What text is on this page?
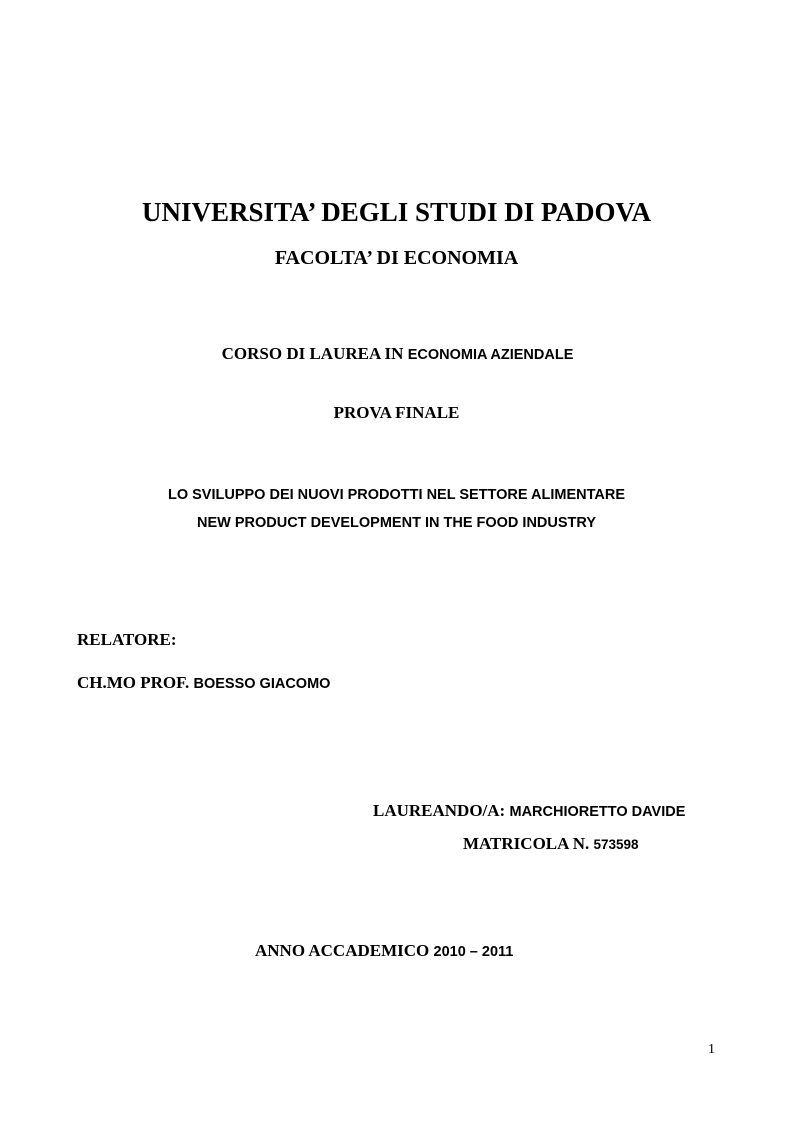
UNIVERSITA’ DEGLI STUDI DI PADOVA
FACOLTA’ DI ECONOMIA
CORSO DI LAUREA IN ECONOMIA AZIENDALE
PROVA FINALE
LO SVILUPPO DEI NUOVI PRODOTTI NEL SETTORE ALIMENTARE
NEW PRODUCT DEVELOPMENT IN THE FOOD INDUSTRY
RELATORE:
CH.MO PROF. BOESSO GIACOMO
LAUREANDO/A: MARCHIORETTO DAVIDE
MATRICOLA N. 573598
ANNO ACCADEMICO 2010 – 2011
1
